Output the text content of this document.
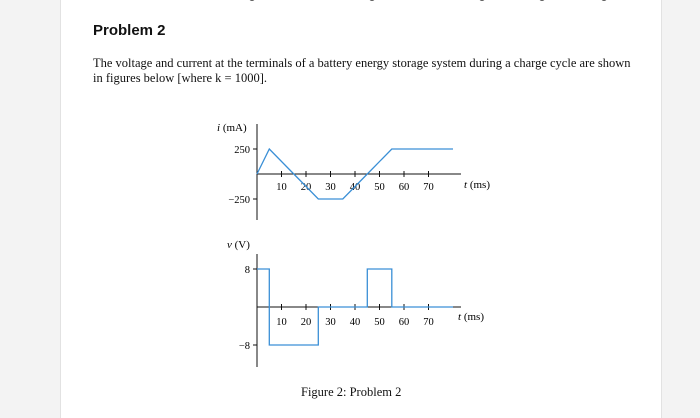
Problem 2

The voltage and current at the terminals of a battery energy storage system during a charge cycle are shown in figures below [where k = 1000].

i (mA)
250
−250
10 20 30 40 50 60 70	t (ms)
v (V)
8
−8
10 20 30 40 50 60 70 t (ms)

Figure 2: Problem 2
